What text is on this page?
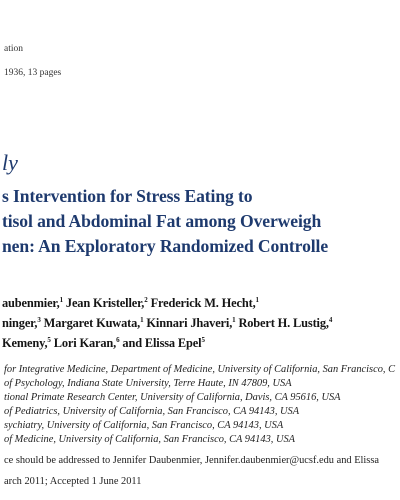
ation
1936, 13 pages
ly
s Intervention for Stress Eating to
tisol and Abdominal Fat among Overweigh
nen: An Exploratory Randomized Controlle
aubenmier,$^1$ Jean Kristeller,$^2$ Frederick M. Hecht,$^1$
ninger,$^3$ Margaret Kuwata,$^1$ Kinnari Jhaveri,$^1$ Robert H. Lustig,$^4$
Kemeny,$^5$ Lori Karan,$^6$ and Elissa Epel$^5$
for Integrative Medicine, Department of Medicine, University of California, San Francisco, C
of Psychology, Indiana State University, Terre Haute, IN 47809, USA
tional Primate Research Center, University of California, Davis, CA 95616, USA
of Pediatrics, University of California, San Francisco, CA 94143, USA
sychiatry, University of California, San Francisco, CA 94143, USA
of Medicine, University of California, San Francisco, CA 94143, USA
ce should be addressed to Jennifer Daubenmier, Jennifer.daubenmier@ucsf.edu and Elissa
arch 2011; Accepted 1 June 2011
